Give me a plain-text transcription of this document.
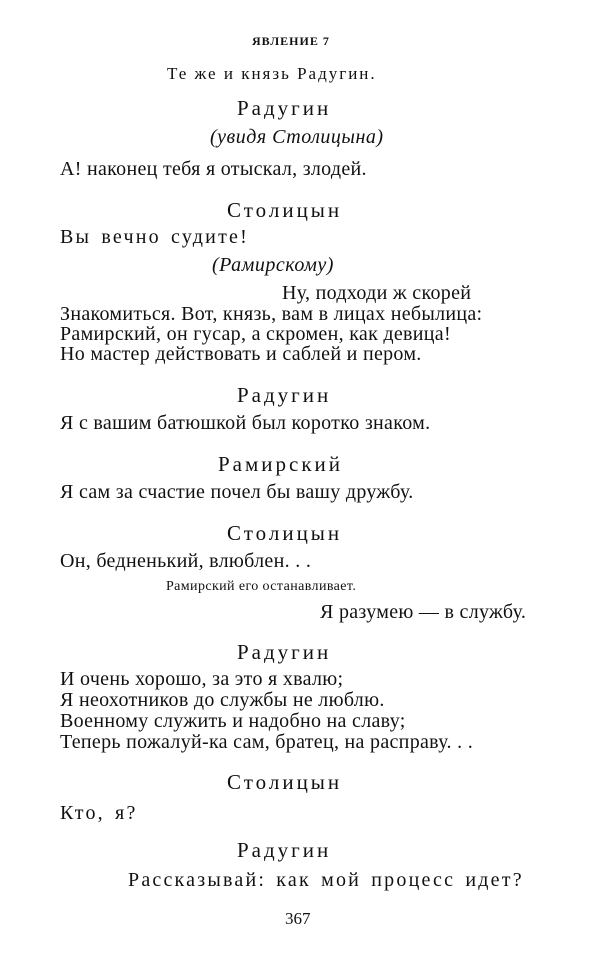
ЯВЛЕНИЕ 7
Те же и князь Радугин.
Радугин
(увидя Столицына)
А! наконец тебя я отыскал, злодей.
Столицын
Вы вечно судите!
(Рамирскому)
Ну, подходи ж скорей
Знакомиться. Вот, князь, вам в лицах небылица:
Рамирский, он гусар, а скромен, как девица!
Но мастер действовать и саблей и пером.
Радугин
Я с вашим батюшкой был коротко знаком.
Рамирский
Я сам за счастие почел бы вашу дружбу.
Столицын
Он, бедненький, влюблен. . .
Рамирский его останавливает.
Я разумею — в службу.
Радугин
И очень хорошо, за это я хвалю;
Я неохотников до службы не люблю.
Военному служить и надобно на славу;
Теперь пожалуй-ка сам, братец, на расправу. . .
Столицын
Кто, я?
Радугин
Рассказывай: как мой процесс идет?
367
